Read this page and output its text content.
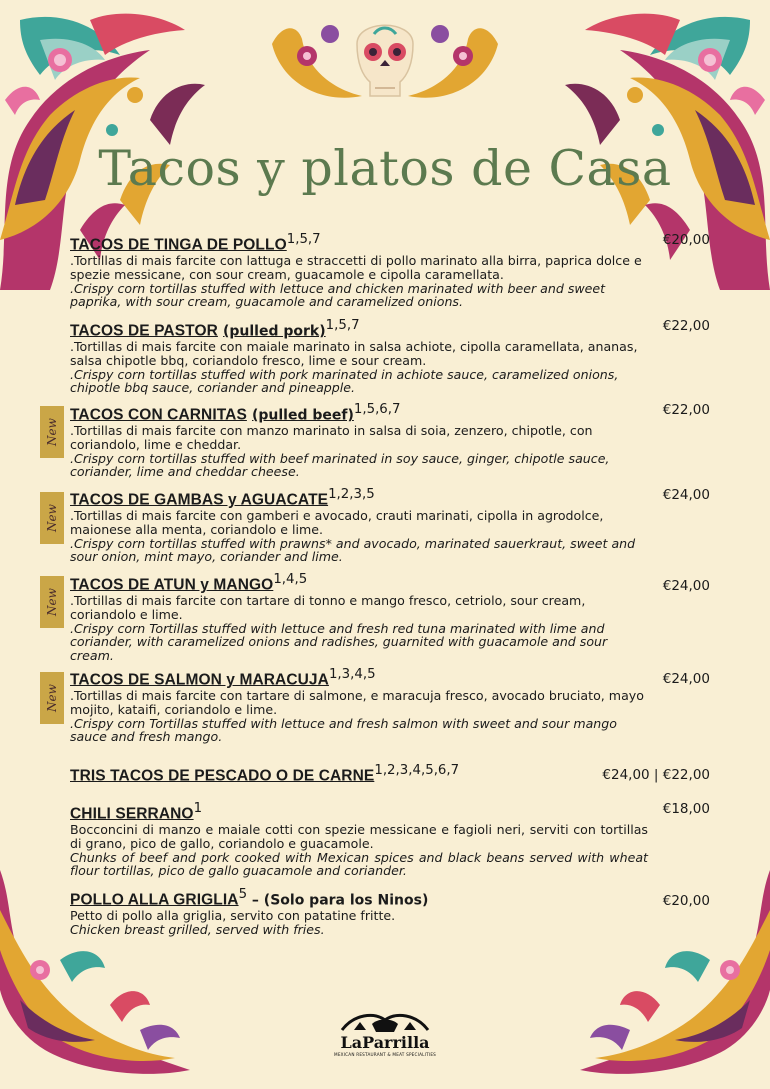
Tacos y platos de Casa
TACOS DE TINGA DE POLLO$^{1,5,7}$	€20,00

.Tortillas di mais farcite con lattuga e straccetti di pollo marinato alla birra, paprica dolce e spezie messicane, con sour cream, guacamole e cipolla caramellata.

.Crispy corn tortillas stuffed with lettuce and chicken marinated with beer and sweet paprika, with sour cream, guacamole and caramelized onions.

TACOS DE PASTOR (pulled pork)$^{1,5,7}$	€22,00

.Tortillas di mais farcite con maiale marinato in salsa achiote, cipolla caramellata, ananas, salsa chipotle bbq, coriandolo fresco, lime e sour cream.

.Crispy corn tortillas stuffed with pork marinated in achiote sauce, caramelized onions, chipotle bbq sauce, coriander and pineapple.

New
TACOS CON CARNITAS (pulled beef)$^{1,5,6,7}$	€22,00

.Tortillas di mais farcite con manzo marinato in salsa di soia, zenzero, chipotle, con coriandolo, lime e cheddar.

.Crispy corn tortillas stuffed with beef marinated in soy sauce, ginger, chipotle sauce, coriander, lime and cheddar cheese.

New
TACOS DE GAMBAS y AGUACATE$^{1,2,3,5}$	€24,00

.Tortillas di mais farcite con gamberi e avocado, crauti marinati, cipolla in agrodolce, maionese alla menta, coriandolo e lime.

.Crispy corn tortillas stuffed with prawns* and avocado, marinated sauerkraut, sweet and sour onion, mint mayo, coriander and lime.

New
TACOS DE ATUN y MANGO$^{1,4,5}$	€24,00

.Tortillas di mais farcite con tartare di tonno e mango fresco, cetriolo, sour cream, coriandolo e lime.

.Crispy corn Tortillas stuffed with lettuce and fresh red tuna marinated with lime and coriander, with caramelized onions and radishes, guarnited with guacamole and sour cream.

New
TACOS DE SALMON y MARACUJA$^{1,3,4,5}$	€24,00

.Tortillas di mais farcite con tartare di salmone, e maracuja fresco, avocado bruciato, mayo mojito, kataifi, coriandolo e lime.

.Crispy corn Tortillas stuffed with lettuce and fresh salmon with sweet and sour mango sauce and fresh mango.

TRIS TACOS DE PESCADO O DE CARNE$^{1,2,3,4,5,6,7}$	€24,00 | €22,00
CHILI SERRANO$^1$	€18,00

Bocconcini di manzo e maiale cotti con spezie messicane e fagioli neri, serviti con tortillas di grano, pico de gallo, coriandolo e guacamole.

Chunks of beef and pork cooked with Mexican spices and black beans served with wheat flour tortillas, pico de gallo guacamole and coriander.

POLLO ALLA GRIGLIA$^5$ – (Solo para los Ninos)	€20,00

Petto di pollo alla griglia, servito con patatine fritte.

Chicken breast grilled, served with fries.

LaParrilla
MEXICAN RESTAURANT & MEAT SPECIALITIES
